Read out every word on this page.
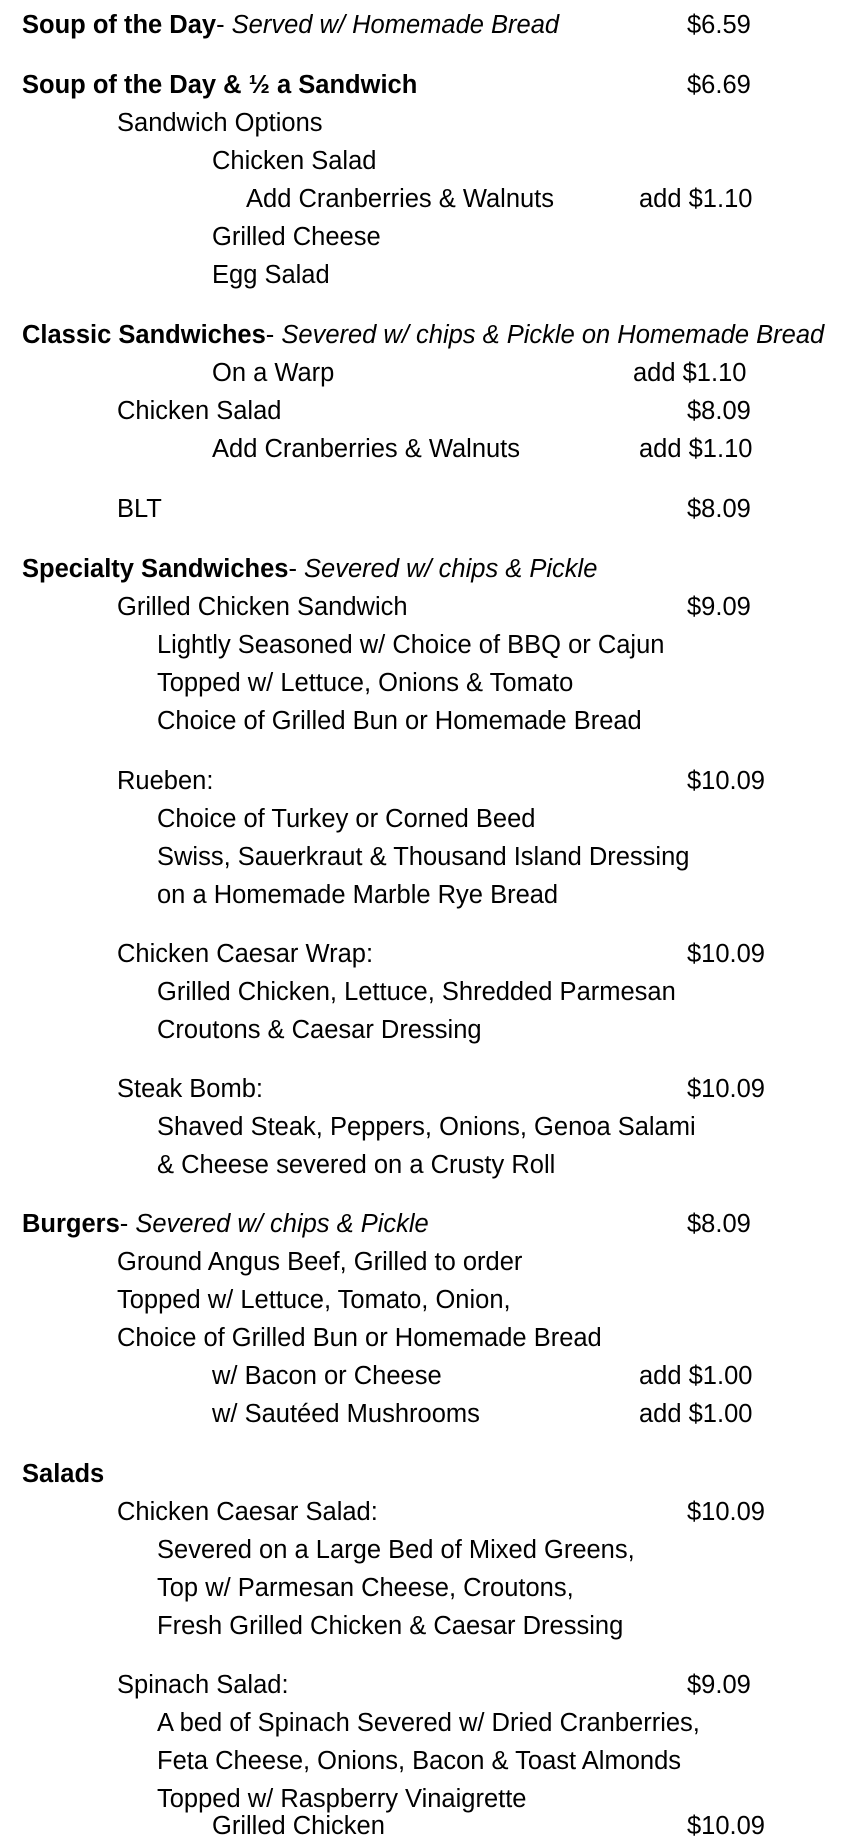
Soup of the Day- Served w/ Homemade Bread	$6.59
Soup of the Day & ½ a Sandwich	$6.69
Sandwich Options
Chicken Salad
Add Cranberries & Walnuts	add $1.10
Grilled Cheese
Egg Salad
Classic Sandwiches- Severed w/ chips & Pickle on Homemade Bread
On a Warp	add $1.10
Chicken Salad	$8.09
Add Cranberries & Walnuts	add $1.10
BLT	$8.09
Specialty Sandwiches- Severed w/ chips & Pickle
Grilled Chicken Sandwich	$9.09
Lightly Seasoned w/ Choice of BBQ or Cajun
Topped w/ Lettuce, Onions & Tomato
Choice of Grilled Bun or Homemade Bread
Rueben:	$10.09
Choice of Turkey or Corned Beed
Swiss, Sauerkraut & Thousand Island Dressing
on a Homemade Marble Rye Bread
Chicken Caesar Wrap:	$10.09
Grilled Chicken, Lettuce, Shredded Parmesan
Croutons & Caesar Dressing
Steak Bomb:	$10.09
Shaved Steak, Peppers, Onions, Genoa Salami
& Cheese severed on a Crusty Roll
Burgers- Severed w/ chips & Pickle	$8.09
Ground Angus Beef, Grilled to order
Topped w/ Lettuce, Tomato, Onion,
Choice of Grilled Bun or Homemade Bread
w/ Bacon or Cheese	add $1.00
w/ Sautéed Mushrooms	add $1.00
Salads
Chicken Caesar Salad:	$10.09
Severed on a Large Bed of Mixed Greens,
Top w/ Parmesan Cheese, Croutons,
Fresh Grilled Chicken & Caesar Dressing
Spinach Salad:	$9.09
A bed of Spinach Severed w/ Dried Cranberries,
Feta Cheese, Onions, Bacon & Toast Almonds
Topped w/ Raspberry Vinaigrette
Grilled Chicken	$10.09
